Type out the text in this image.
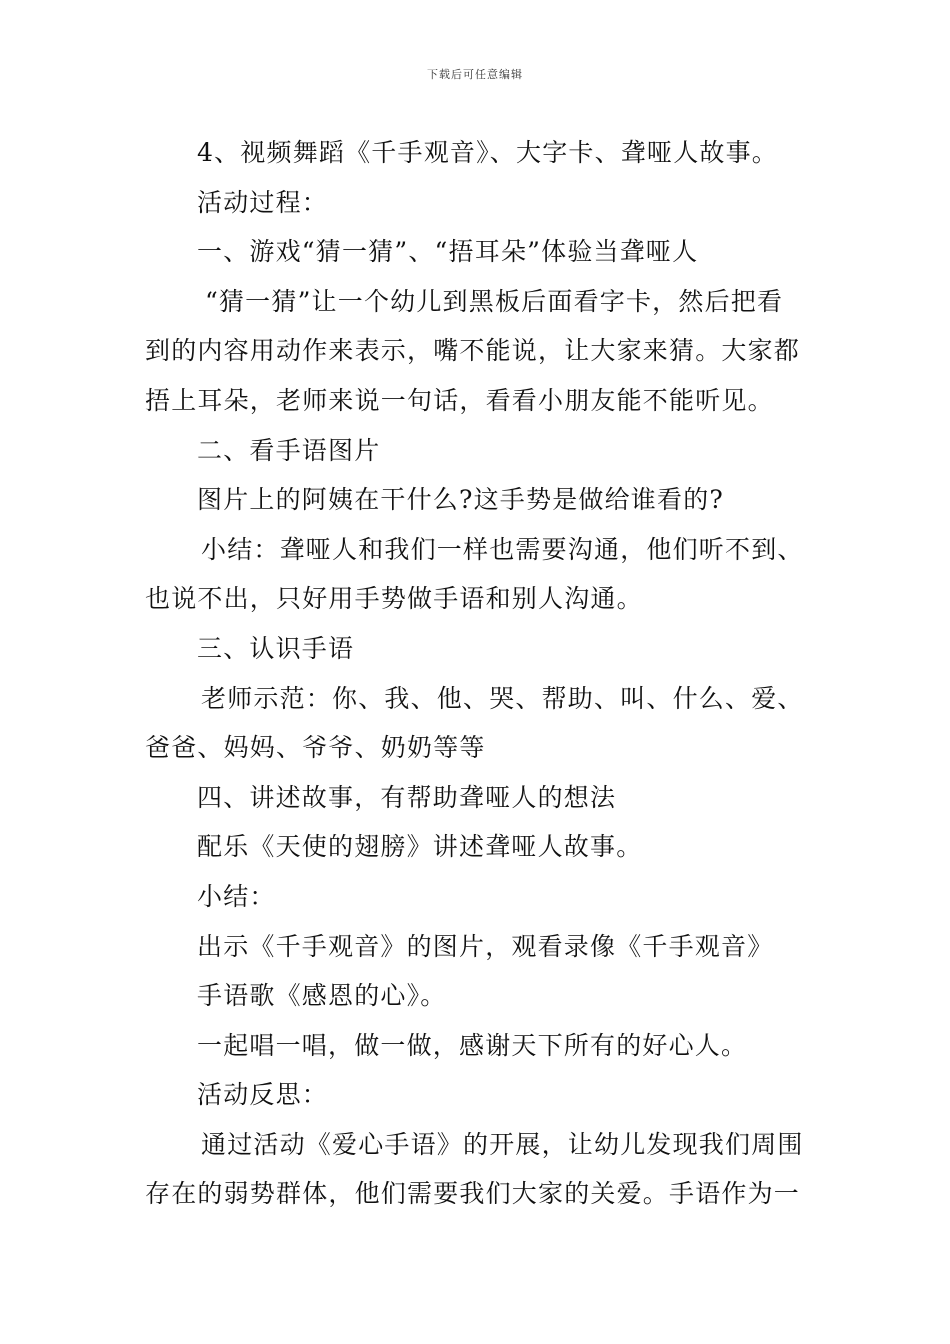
下载后可任意编辑
4、视频舞蹈《千手观音》、大字卡、聋哑人故事。
活动过程：
一、游戏“猜一猜”、“捂耳朵”体验当聋哑人
“猜一猜”让一个幼儿到黑板后面看字卡，然后把看
到的内容用动作来表示，嘴不能说，让大家来猜。大家都
捂上耳朵，老师来说一句话，看看小朋友能不能听见。
二、看手语图片
图片上的阿姨在干什么?这手势是做给谁看的?
小结：聋哑人和我们一样也需要沟通，他们听不到、
也说不出，只好用手势做手语和别人沟通。
三、认识手语
老师示范：你、我、他、哭、帮助、叫、什么、爱、
爸爸、妈妈、爷爷、奶奶等等
四、讲述故事，有帮助聋哑人的想法
配乐《天使的翅膀》讲述聋哑人故事。
小结：
出示《千手观音》的图片，观看录像《千手观音》
手语歌《感恩的心》。
一起唱一唱，做一做，感谢天下所有的好心人。
活动反思：
通过活动《爱心手语》的开展，让幼儿发现我们周围
存在的弱势群体，他们需要我们大家的关爱。手语作为一
